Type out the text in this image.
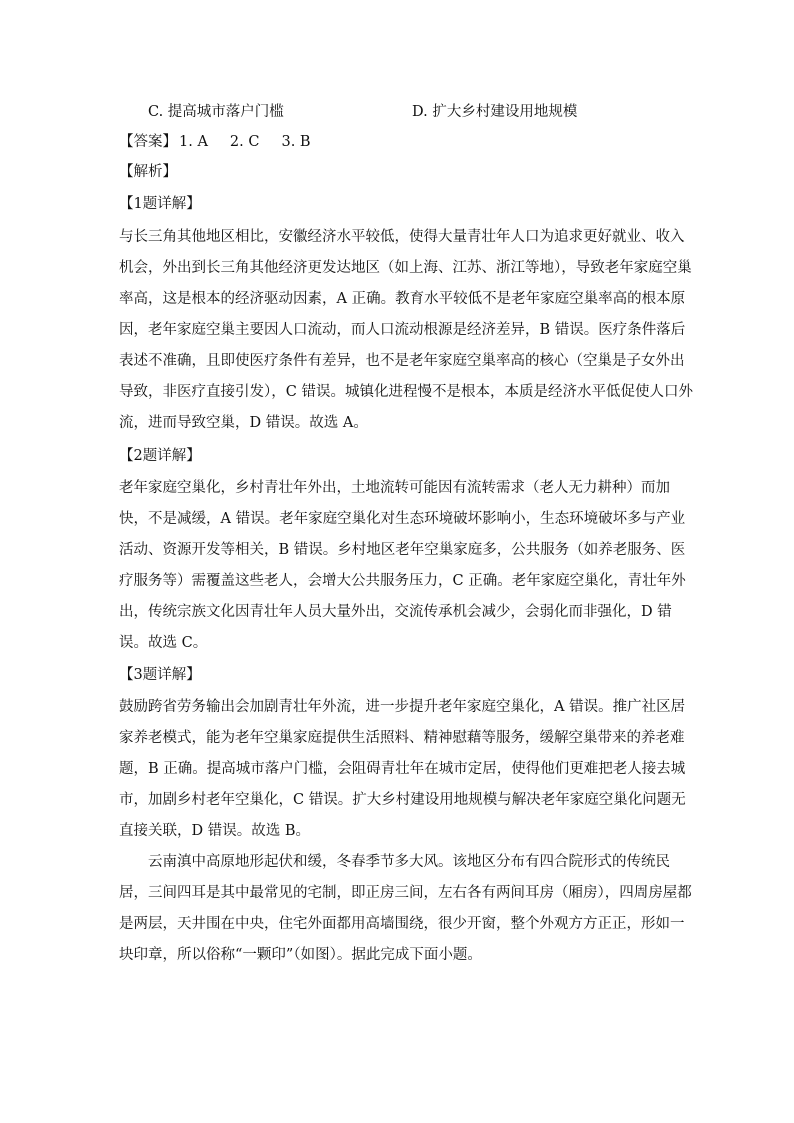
C. 提高城市落户门槛	D. 扩大乡村建设用地规模
【答案】 1. A 2. C 3. B
【解析】
【1题详解】

与长三角其他地区相比，安徽经济水平较低，使得大量青壮年人口为追求更好就业、收入

机会，外出到长三角其他经济更发达地区（如上海、江苏、浙江等地），导致老年家庭空巢

率高，这是根本的经济驱动因素，A 正确。教育水平较低不是老年家庭空巢率高的根本原

因，老年家庭空巢主要因人口流动，而人口流动根源是经济差异，B 错误。医疗条件落后

表述不准确，且即使医疗条件有差异，也不是老年家庭空巢率高的核心（空巢是子女外出

导致，非医疗直接引发），C 错误。城镇化进程慢不是根本，本质是经济水平低促使人口外

流，进而导致空巢，D 错误。故选 A。

【2题详解】

老年家庭空巢化，乡村青壮年外出，土地流转可能因有流转需求（老人无力耕种）而加

快，不是减缓，A 错误。老年家庭空巢化对生态环境破坏影响小，生态环境破坏多与产业

活动、资源开发等相关，B 错误。乡村地区老年空巢家庭多，公共服务（如养老服务、医

疗服务等）需覆盖这些老人，会增大公共服务压力，C 正确。老年家庭空巢化，青壮年外

出，传统宗族文化因青壮年人员大量外出，交流传承机会减少，会弱化而非强化，D 错

误。故选 C。

【3题详解】

鼓励跨省劳务输出会加剧青壮年外流，进一步提升老年家庭空巢化，A 错误。推广社区居

家养老模式，能为老年空巢家庭提供生活照料、精神慰藉等服务，缓解空巢带来的养老难

题，B 正确。提高城市落户门槛，会阻碍青壮年在城市定居，使得他们更难把老人接去城

市，加剧乡村老年空巢化，C 错误。扩大乡村建设用地规模与解决老年家庭空巢化问题无

直接关联，D 错误。故选 B。

　　云南滇中高原地形起伏和缓，冬春季节多大风。该地区分布有四合院形式的传统民

居，三间四耳是其中最常见的宅制，即正房三间，左右各有两间耳房（厢房），四周房屋都

是两层，天井围在中央，住宅外面都用高墙围绕，很少开窗，整个外观方方正正，形如一

块印章，所以俗称“一颗印”（如图）。据此完成下面小题。
